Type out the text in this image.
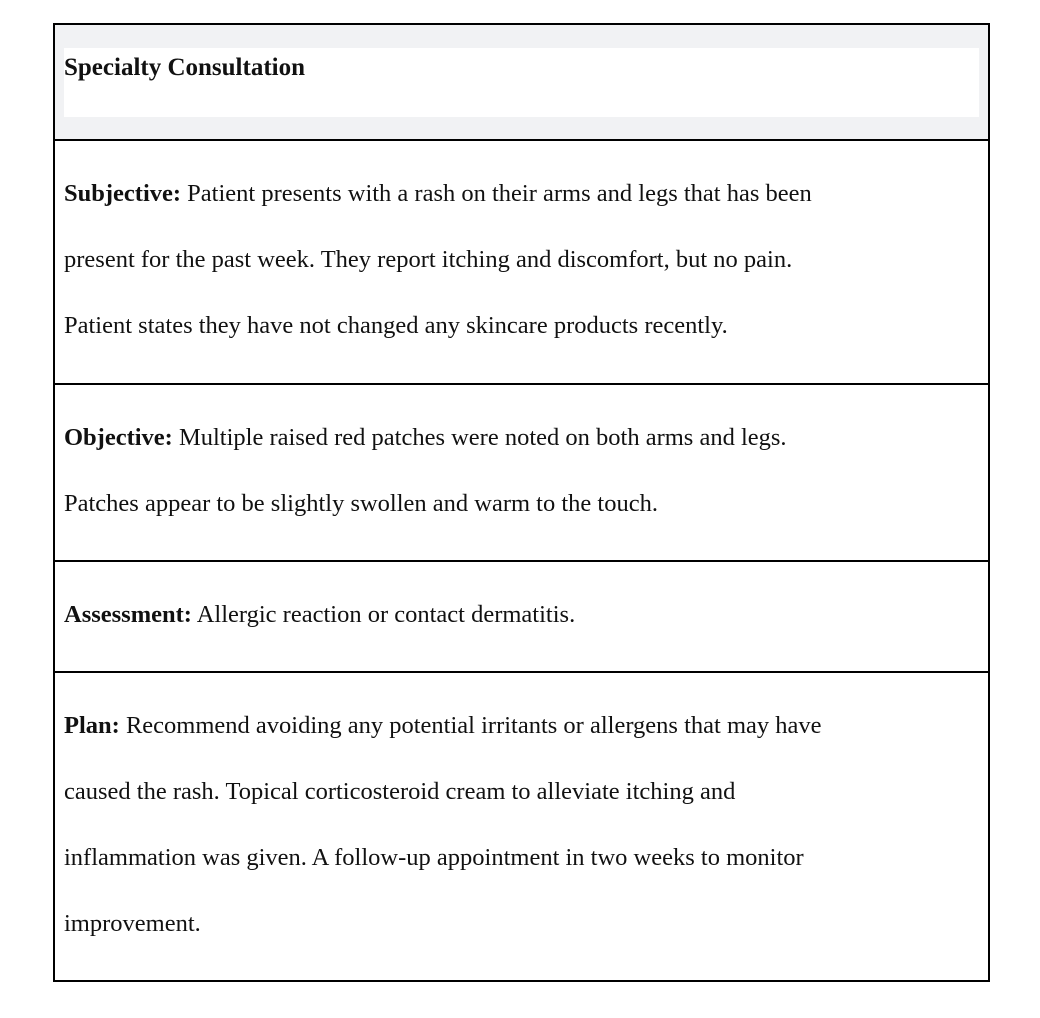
Specialty Consultation
Subjective: Patient presents with a rash on their arms and legs that has been
present for the past week. They report itching and discomfort, but no pain.
Patient states they have not changed any skincare products recently.
Objective: Multiple raised red patches were noted on both arms and legs.
Patches appear to be slightly swollen and warm to the touch.
Assessment: Allergic reaction or contact dermatitis.
Plan: Recommend avoiding any potential irritants or allergens that may have
caused the rash. Topical corticosteroid cream to alleviate itching and
inflammation was given. A follow-up appointment in two weeks to monitor
improvement.
